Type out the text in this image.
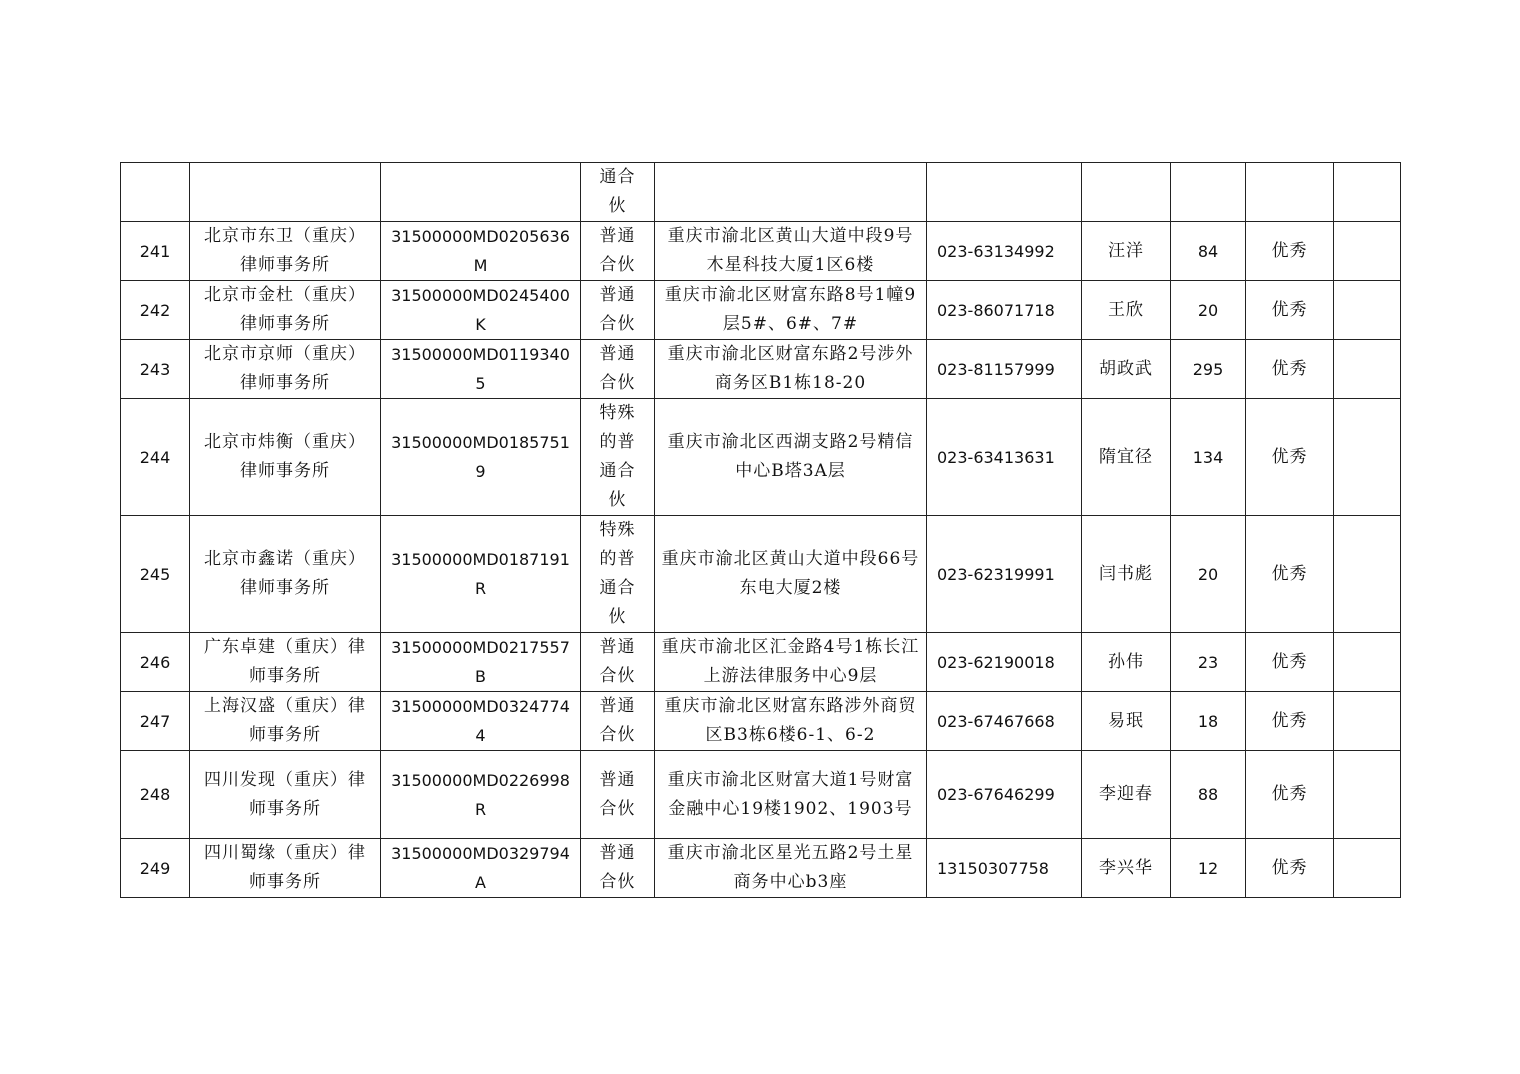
			通合伙						
241	北京市东卫（重庆）律师事务所	31500000MD0205636M	普通合伙	重庆市渝北区黄山大道中段9号木星科技大厦1区6楼	023-63134992	汪洋	84	优秀	
242	北京市金杜（重庆）律师事务所	31500000MD0245400K	普通合伙	重庆市渝北区财富东路8号1幢9层5#、6#、7#	023-86071718	王欣	20	优秀	
243	北京市京师（重庆）律师事务所	31500000MD01193405	普通合伙	重庆市渝北区财富东路2号涉外商务区B1栋18-20	023-81157999	胡政武	295	优秀	
244	北京市炜衡（重庆）律师事务所	31500000MD01857519	特殊的普通合伙	重庆市渝北区西湖支路2号精信中心B塔3A层	023-63413631	隋宜径	134	优秀	
245	北京市鑫诺（重庆）律师事务所	31500000MD0187191R	特殊的普通合伙	重庆市渝北区黄山大道中段66号东电大厦2楼	023-62319991	闫书彪	20	优秀	
246	广东卓建（重庆）律师事务所	31500000MD0217557B	普通合伙	重庆市渝北区汇金路4号1栋长江上游法律服务中心9层	023-62190018	孙伟	23	优秀	
247	上海汉盛（重庆）律师事务所	31500000MD03247744	普通合伙	重庆市渝北区财富东路涉外商贸区B3栋6楼6-1、6-2	023-67467668	易珉	18	优秀	
248	四川发现（重庆）律师事务所	31500000MD0226998R	普通合伙	重庆市渝北区财富大道1号财富金融中心19楼1902、1903号	023-67646299	李迎春	88	优秀	
249	四川蜀缘（重庆）律师事务所	31500000MD0329794A	普通合伙	重庆市渝北区星光五路2号土星商务中心b3座	13150307758	李兴华	12	优秀	
